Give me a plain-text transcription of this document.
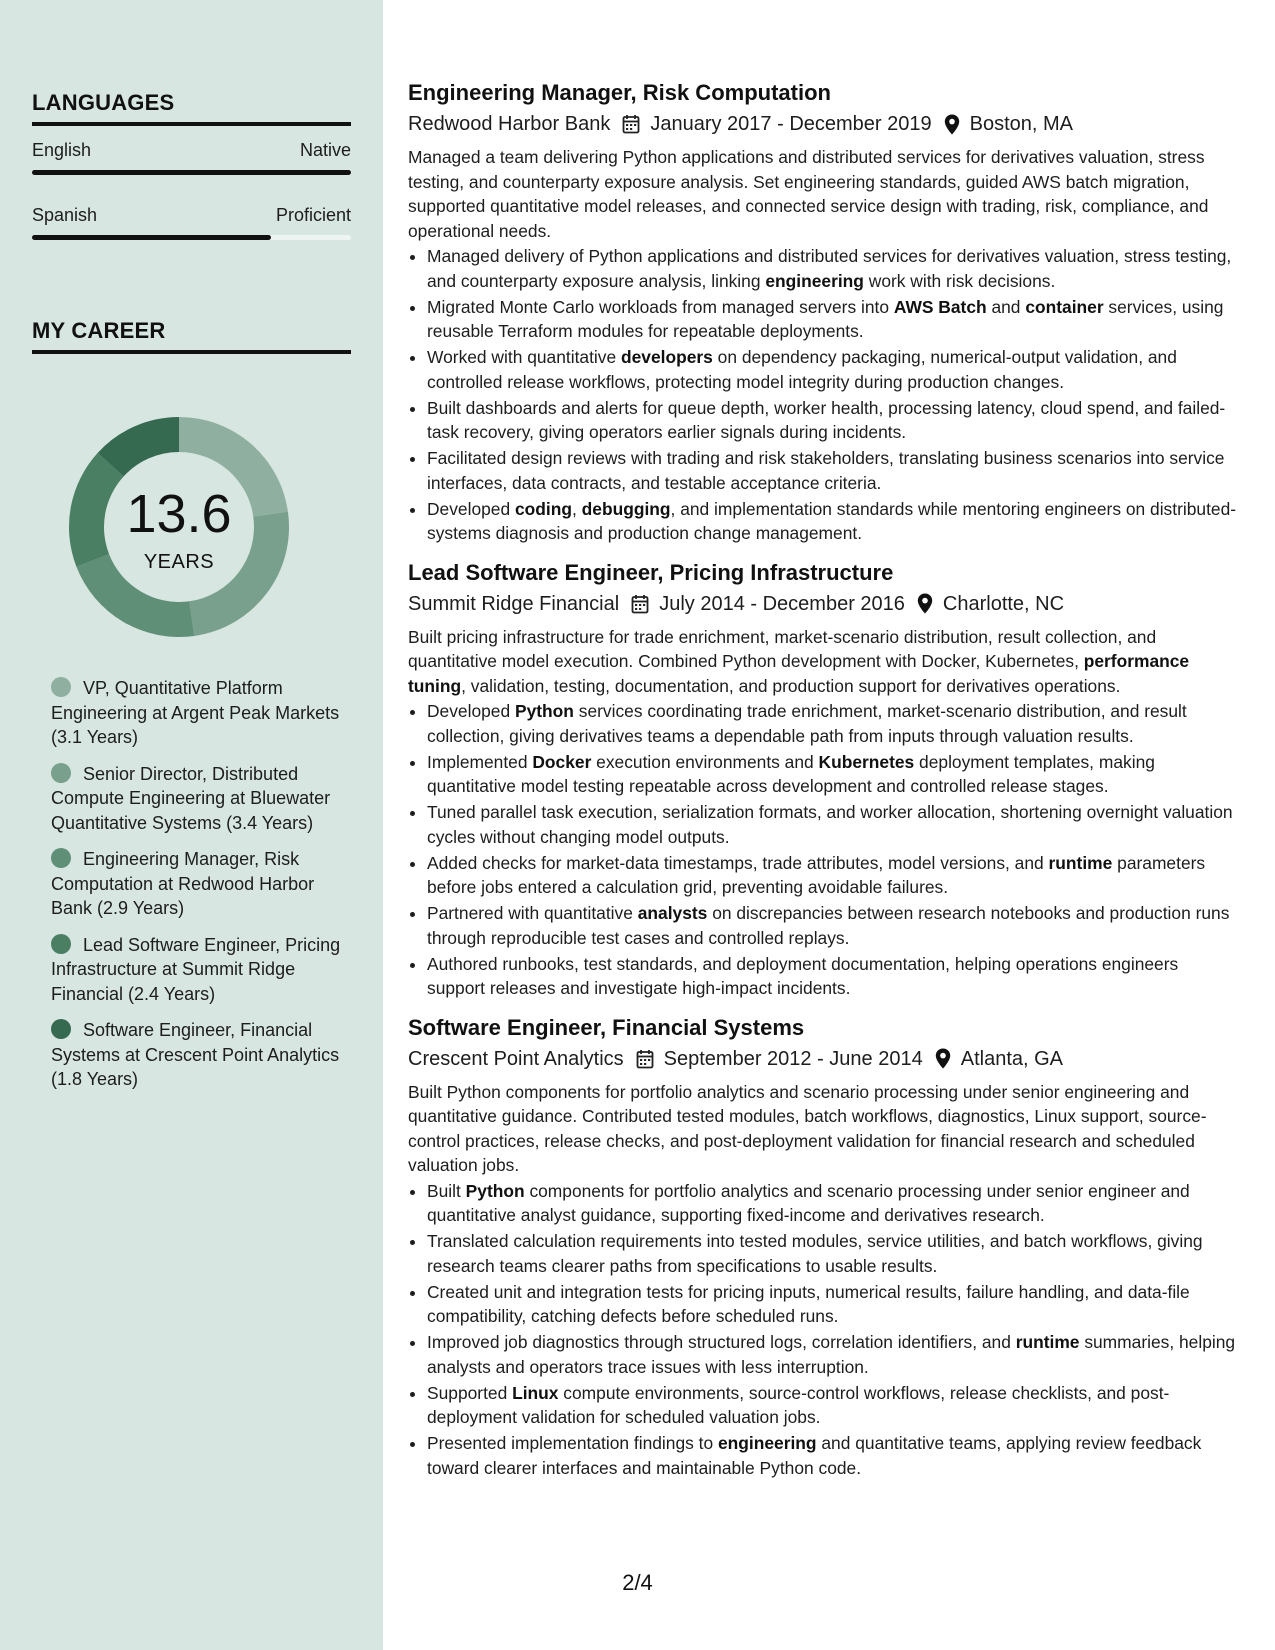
LANGUAGES
English	Native
Spanish	Proficient
MY CAREER
13.6
YEARS
VP, Quantitative Platform Engineering at Argent Peak Markets (3.1 Years)
Senior Director, Distributed Compute Engineering at Bluewater Quantitative Systems (3.4 Years)
Engineering Manager, Risk Computation at Redwood Harbor Bank (2.9 Years)
Lead Software Engineer, Pricing Infrastructure at Summit Ridge Financial (2.4 Years)
Software Engineer, Financial Systems at Crescent Point Analytics (1.8 Years)
Engineering Manager, Risk Computation
Redwood Harbor Bank January 2017 - December 2019 Boston, MA

Managed a team delivering Python applications and distributed services for derivatives valuation, stress testing, and counterparty exposure analysis. Set engineering standards, guided AWS batch migration, supported quantitative model releases, and connected service design with trading, risk, compliance, and operational needs.

• Managed delivery of Python applications and distributed services for derivatives valuation, stress testing, and counterparty exposure analysis, linking engineering work with risk decisions.
• Migrated Monte Carlo workloads from managed servers into AWS Batch and container services, using reusable Terraform modules for repeatable deployments.
• Worked with quantitative developers on dependency packaging, numerical-output validation, and controlled release workflows, protecting model integrity during production changes.
• Built dashboards and alerts for queue depth, worker health, processing latency, cloud spend, and failed-task recovery, giving operators earlier signals during incidents.
• Facilitated design reviews with trading and risk stakeholders, translating business scenarios into service interfaces, data contracts, and testable acceptance criteria.
• Developed coding, debugging, and implementation standards while mentoring engineers on distributed-systems diagnosis and production change management.
Lead Software Engineer, Pricing Infrastructure
Summit Ridge Financial July 2014 - December 2016 Charlotte, NC

Built pricing infrastructure for trade enrichment, market-scenario distribution, result collection, and quantitative model execution. Combined Python development with Docker, Kubernetes, performance tuning, validation, testing, documentation, and production support for derivatives operations.

• Developed Python services coordinating trade enrichment, market-scenario distribution, and result collection, giving derivatives teams a dependable path from inputs through valuation results.
• Implemented Docker execution environments and Kubernetes deployment templates, making quantitative model testing repeatable across development and controlled release stages.
• Tuned parallel task execution, serialization formats, and worker allocation, shortening overnight valuation cycles without changing model outputs.
• Added checks for market-data timestamps, trade attributes, model versions, and runtime parameters before jobs entered a calculation grid, preventing avoidable failures.
• Partnered with quantitative analysts on discrepancies between research notebooks and production runs through reproducible test cases and controlled replays.
• Authored runbooks, test standards, and deployment documentation, helping operations engineers support releases and investigate high-impact incidents.
Software Engineer, Financial Systems
Crescent Point Analytics September 2012 - June 2014 Atlanta, GA

Built Python components for portfolio analytics and scenario processing under senior engineering and quantitative guidance. Contributed tested modules, batch workflows, diagnostics, Linux support, source-control practices, release checks, and post-deployment validation for financial research and scheduled valuation jobs.

• Built Python components for portfolio analytics and scenario processing under senior engineer and quantitative analyst guidance, supporting fixed-income and derivatives research.
• Translated calculation requirements into tested modules, service utilities, and batch workflows, giving research teams clearer paths from specifications to usable results.
• Created unit and integration tests for pricing inputs, numerical results, failure handling, and data-file compatibility, catching defects before scheduled runs.
• Improved job diagnostics through structured logs, correlation identifiers, and runtime summaries, helping analysts and operators trace issues with less interruption.
• Supported Linux compute environments, source-control workflows, release checklists, and post-deployment validation for scheduled valuation jobs.
• Presented implementation findings to engineering and quantitative teams, applying review feedback toward clearer interfaces and maintainable Python code.
2/4
